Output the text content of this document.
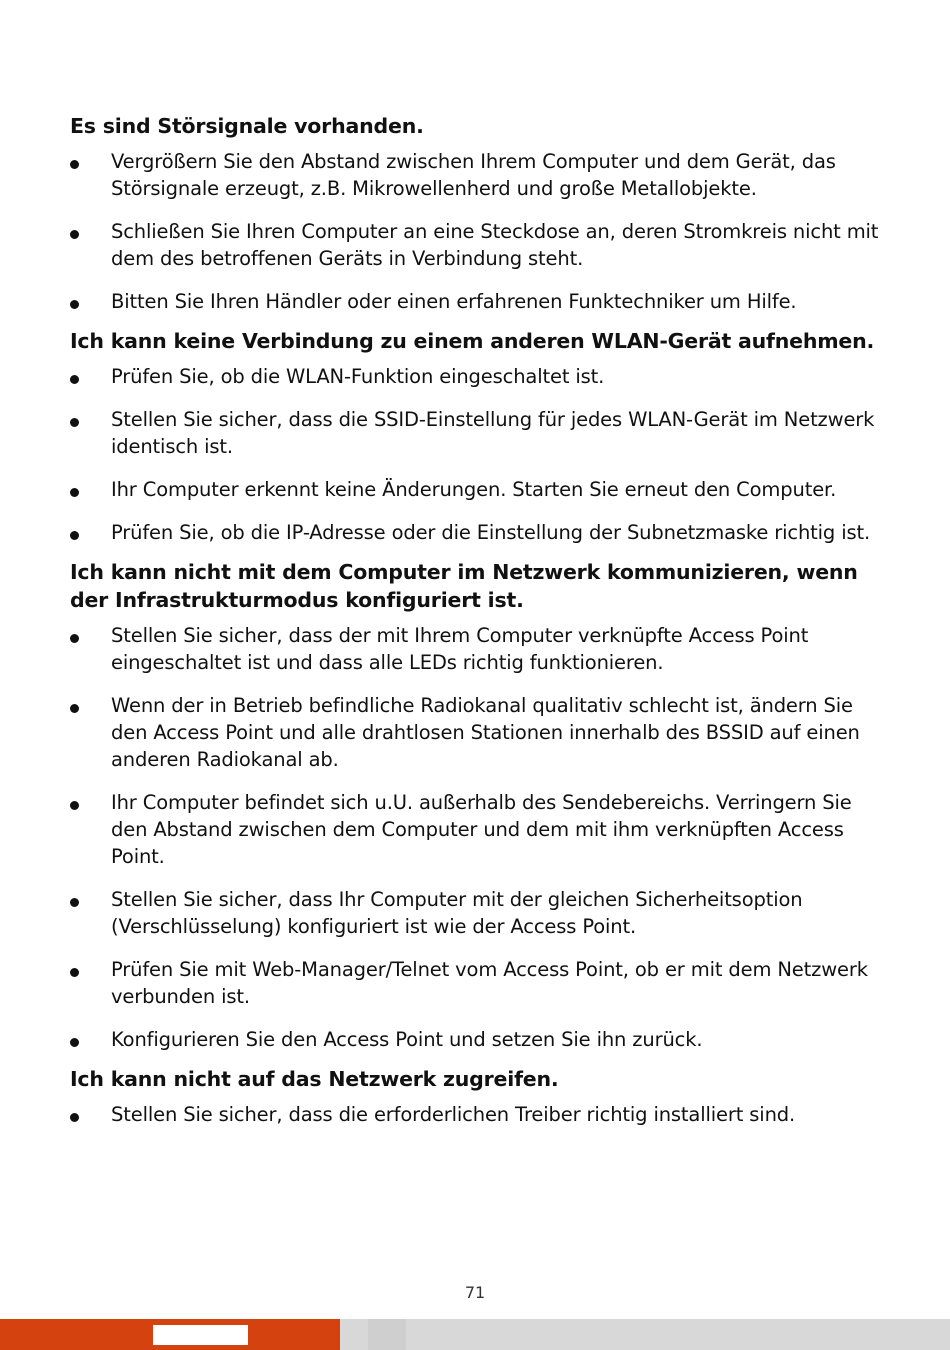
Es sind Störsignale vorhanden.
Vergrößern Sie den Abstand zwischen Ihrem Computer und dem Gerät, das Störsignale erzeugt, z.B. Mikrowellenherd und große Metallobjekte.
Schließen Sie Ihren Computer an eine Steckdose an, deren Stromkreis nicht mit dem des betroffenen Geräts in Verbindung steht.
Bitten Sie Ihren Händler oder einen erfahrenen Funktechniker um Hilfe.
Ich kann keine Verbindung zu einem anderen WLAN-Gerät aufnehmen.
Prüfen Sie, ob die WLAN-Funktion eingeschaltet ist.
Stellen Sie sicher, dass die SSID-Einstellung für jedes WLAN-Gerät im Netzwerk identisch ist.
Ihr Computer erkennt keine Änderungen. Starten Sie erneut den Computer.
Prüfen Sie, ob die IP-Adresse oder die Einstellung der Subnetzmaske richtig ist.
Ich kann nicht mit dem Computer im Netzwerk kommunizieren, wenn der Infrastrukturmodus konfiguriert ist.
Stellen Sie sicher, dass der mit Ihrem Computer verknüpfte Access Point eingeschaltet ist und dass alle LEDs richtig funktionieren.
Wenn der in Betrieb befindliche Radiokanal qualitativ schlecht ist, ändern Sie den Access Point und alle drahtlosen Stationen innerhalb des BSSID auf einen anderen Radiokanal ab.
Ihr Computer befindet sich u.U. außerhalb des Sendebereichs. Verringern Sie den Abstand zwischen dem Computer und dem mit ihm verknüpften Access Point.
Stellen Sie sicher, dass Ihr Computer mit der gleichen Sicherheitsoption (Verschlüsselung) konfiguriert ist wie der Access Point.
Prüfen Sie mit Web-Manager/Telnet vom Access Point, ob er mit dem Netzwerk verbunden ist.
Konfigurieren Sie den Access Point und setzen Sie ihn zurück.
Ich kann nicht auf das Netzwerk zugreifen.
Stellen Sie sicher, dass die erforderlichen Treiber richtig installiert sind.
71
